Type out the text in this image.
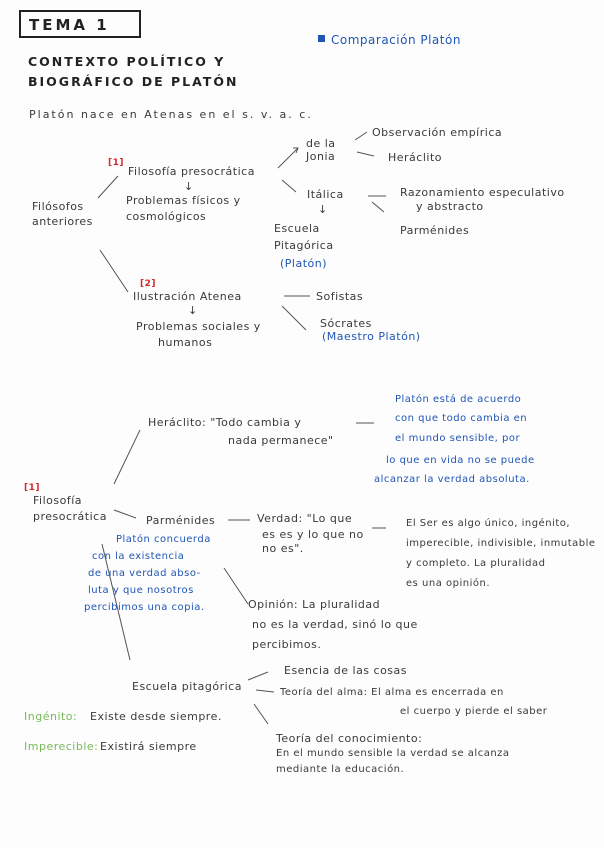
TEMA 1
Comparación Platón
CONTEXTO POLÍTICO Y
BIOGRÁFICO DE PLATÓN
Platón nace en Atenas en el s. v. a. c.
Filósofos
anteriores
[1]
Filosofía presocrática
↓
Problemas físicos y
cosmológicos
de la
Jonia
Observación empírica
Heráclito
Itálica
↓
Razonamiento especulativo
y abstracto
Parménides
Escuela
Pitagórica
(Platón)
[2]
Ilustración Atenea
↓
Sofistas
Problemas sociales y
humanos
Sócrates
(Maestro Platón)
Heráclito: "Todo cambia y
nada permanece"
Platón está de acuerdo
con que todo cambia en
el mundo sensible, por
lo que en vida no se puede
alcanzar la verdad absoluta.
[1]
Filosofía
presocrática	Parménides
Platón concuerda
con la existencia
de una verdad abso-
luta y que nosotros
percibimos una copia.
Verdad: "Lo que
es es y lo que no
no es".
El Ser es algo único, ingénito,
imperecible, indivisible, inmutable
y completo. La pluralidad
es una opinión.
Opinión: La pluralidad
no es la verdad, sinó lo que
percibimos.
Escuela pitagórica
Esencia de las cosas
Teoría del alma: El alma es encerrada en
el cuerpo y pierde el saber
Teoría del conocimiento:
En el mundo sensible la verdad se alcanza
mediante la educación.
Ingénito: Existe desde siempre.
Imperecible: Existirá siempre
